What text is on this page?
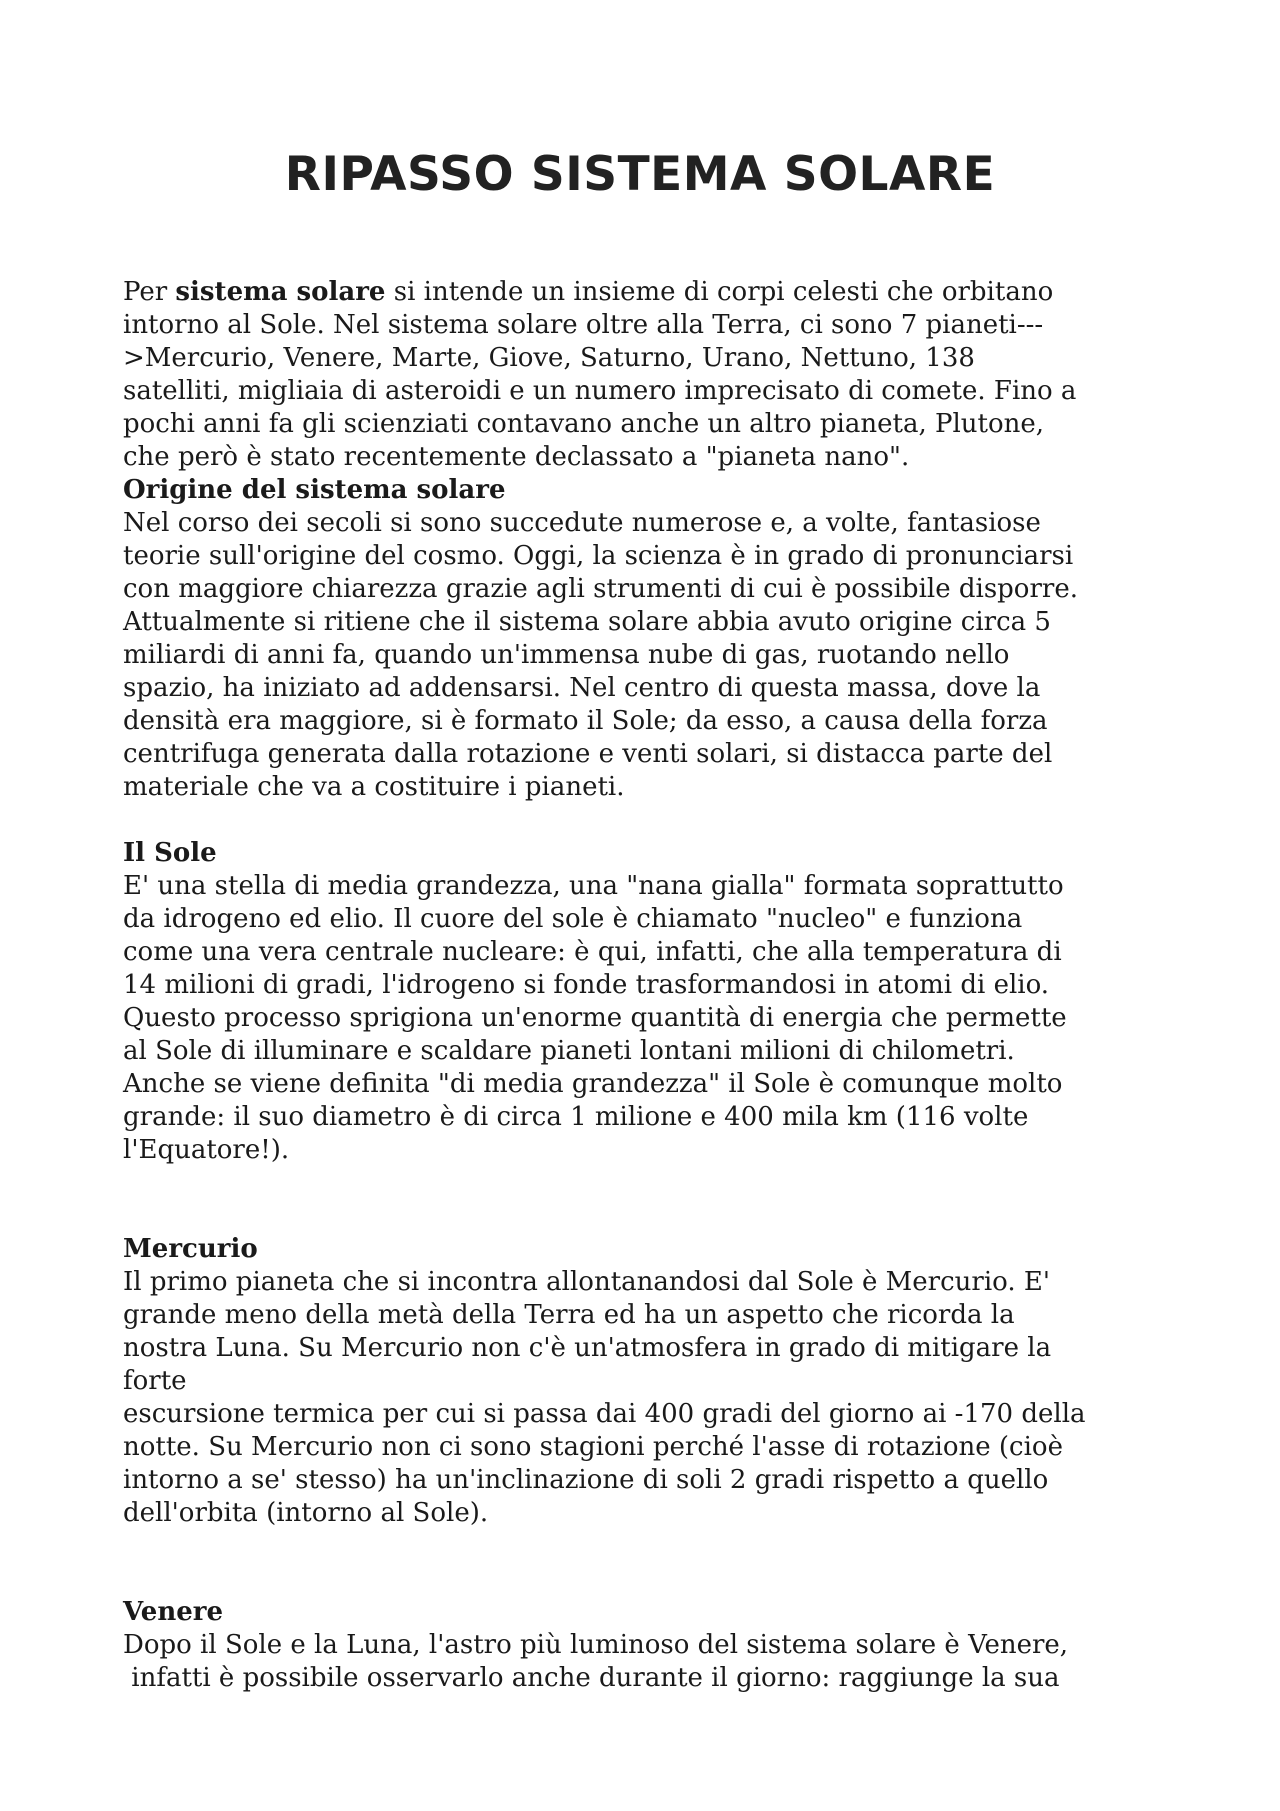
RIPASSO SISTEMA SOLARE
Per sistema solare si intende un insieme di corpi celesti che orbitano
intorno al Sole. Nel sistema solare oltre alla Terra, ci sono 7 pianeti---
>Mercurio, Venere, Marte, Giove, Saturno, Urano, Nettuno, 138
satelliti, migliaia di asteroidi e un numero imprecisato di comete. Fino a
pochi anni fa gli scienziati contavano anche un altro pianeta, Plutone,
che però è stato recentemente declassato a "pianeta nano".
Origine del sistema solare
Nel corso dei secoli si sono succedute numerose e, a volte, fantasiose
teorie sull'origine del cosmo. Oggi, la scienza è in grado di pronunciarsi
con maggiore chiarezza grazie agli strumenti di cui è possibile disporre.
Attualmente si ritiene che il sistema solare abbia avuto origine circa 5
miliardi di anni fa, quando un'immensa nube di gas, ruotando nello
spazio, ha iniziato ad addensarsi. Nel centro di questa massa, dove la
densità era maggiore, si è formato il Sole; da esso, a causa della forza
centrifuga generata dalla rotazione e venti solari, si distacca parte del
materiale che va a costituire i pianeti.
Il Sole
E' una stella di media grandezza, una "nana gialla" formata soprattutto
da idrogeno ed elio. Il cuore del sole è chiamato "nucleo" e funziona
come una vera centrale nucleare: è qui, infatti, che alla temperatura di
14 milioni di gradi, l'idrogeno si fonde trasformandosi in atomi di elio.
Questo processo sprigiona un'enorme quantità di energia che permette
al Sole di illuminare e scaldare pianeti lontani milioni di chilometri.
Anche se viene definita "di media grandezza" il Sole è comunque molto
grande: il suo diametro è di circa 1 milione e 400 mila km (116 volte
l'Equatore!).
Mercurio
Il primo pianeta che si incontra allontanandosi dal Sole è Mercurio. E'
grande meno della metà della Terra ed ha un aspetto che ricorda la
nostra Luna. Su Mercurio non c'è un'atmosfera in grado di mitigare la
forte
escursione termica per cui si passa dai 400 gradi del giorno ai -170 della
notte. Su Mercurio non ci sono stagioni perché l'asse di rotazione (cioè
intorno a se' stesso) ha un'inclinazione di soli 2 gradi rispetto a quello
dell'orbita (intorno al Sole).
Venere
Dopo il Sole e la Luna, l'astro più luminoso del sistema solare è Venere,
infatti è possibile osservarlo anche durante il giorno: raggiunge la sua
